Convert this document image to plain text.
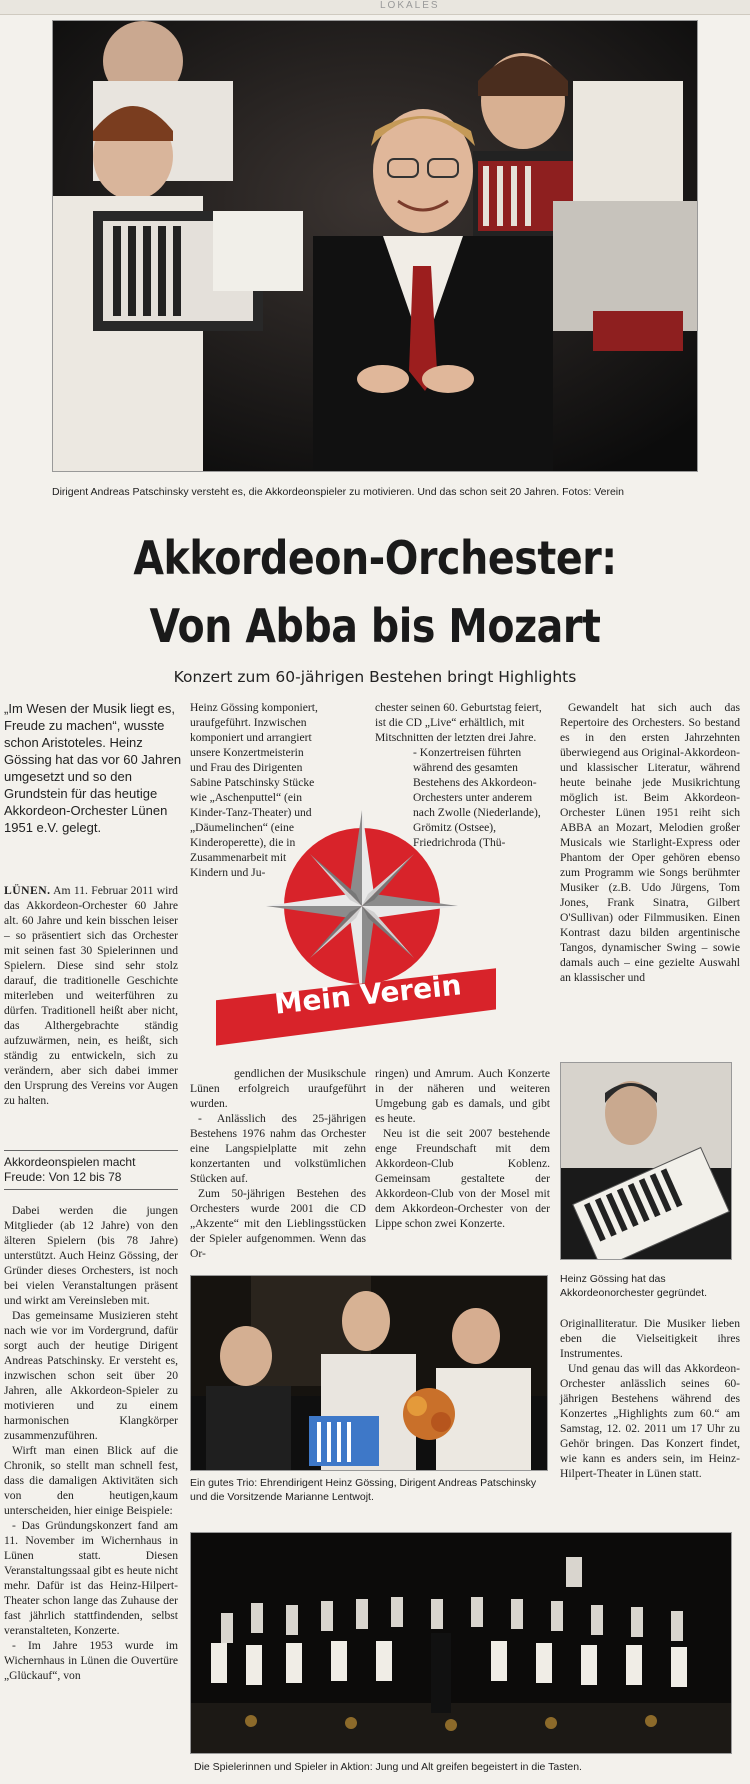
LOKALES
Dirigent Andreas Patschinsky versteht es, die Akkordeonspieler zu motivieren. Und das schon seit 20 Jahren. Fotos: Verein
Akkordeon-Orchester:
Von Abba bis Mozart
Konzert zum 60-jährigen Bestehen bringt Highlights
„Im Wesen der Musik liegt es, Freude zu machen“, wusste schon Aristoteles. Heinz Gössing hat das vor 60 Jahren umgesetzt und so den Grundstein für das heutige Akkordeon-Orchester Lünen 1951 e.V. gelegt.

LÜNEN. Am 11. Februar 2011 wird das Akkordeon-Orchester 60 Jahre alt. 60 Jahre und kein bisschen leiser – so präsentiert sich das Orchester mit seinen fast 30 Spielerinnen und Spielern. Diese sind sehr stolz darauf, die traditionelle Geschichte miterleben und weiterführen zu dürfen. Traditionell heißt aber nicht, das Althergebrachte ständig aufzuwärmen, nein, es heißt, sich ständig zu entwickeln, sich zu verändern, aber sich dabei immer den Ursprung des Vereins vor Augen zu halten.

Akkordeonspielen macht Freude: Von 12 bis 78

Dabei werden die jungen Mitglieder (ab 12 Jahre) von den älteren Spielern (bis 78 Jahre) unterstützt. Auch Heinz Gössing, der Gründer dieses Orchesters, ist noch bei vielen Veranstaltungen präsent und wirkt am Vereinsleben mit.

Das gemeinsame Musizieren steht nach wie vor im Vordergrund, dafür sorgt auch der heutige Dirigent Andreas Patschinsky. Er versteht es, inzwischen schon seit über 20 Jahren, alle Akkordeon-Spieler zu motivieren und zu einem harmonischen Klangkörper zusammenzuführen.

Wirft man einen Blick auf die Chronik, so stellt man schnell fest, dass die damaligen Aktivitäten sich von den heutigen,kaum unterscheiden, hier einige Beispiele:

- Das Gründungskonzert fand am 11. November im Wichernhaus in Lünen statt. Diesen Veranstaltungssaal gibt es heute nicht mehr. Dafür ist das Heinz-Hilpert-Theater schon lange das Zuhause der fast jährlich stattfindenden, selbst veranstalteten, Konzerte.

- Im Jahre 1953 wurde im Wichernhaus in Lünen die Ouvertüre „Glückauf“, von

Heinz Gössing komponiert, uraufgeführt. Inzwischen komponiert und arrangiert unsere Konzertmeisterin und Frau des Dirigenten Sabine Patschinsky Stücke wie „Aschenputtel“ (ein Kinder-Tanz-Theater) und „Däumelinchen“ (eine Kinderoperette), die in Zusammenarbeit mit Kindern und Ju-

chester seinen 60. Geburtstag feiert, ist die CD „Live“ erhältlich, mit Mitschnitten der letzten drei Jahre.

- Konzertreisen führten während des gesamten Bestehens des Akkordeon-Orchesters unter anderem nach Zwolle (Niederlande), Grömitz (Ostsee), Friedrichroda (Thü-

Mein Verein

Gewandelt hat sich auch das Repertoire des Orchesters. So bestand es in den ersten Jahrzehnten überwiegend aus Original-Akkordeon- und klassischer Literatur, während heute beinahe jede Musikrichtung möglich ist. Beim Akkordeon-Orchester Lünen 1951 reiht sich ABBA an Mozart, Melodien großer Musicals wie Starlight-Express oder Phantom der Oper gehören ebenso zum Programm wie Songs berühmter Musiker (z.B. Udo Jürgens, Tom Jones, Frank Sinatra, Gilbert O'Sullivan) oder Filmmusiken. Einen Kontrast dazu bilden argentinische Tangos, dynamischer Swing – sowie damals auch – eine gezielte Auswahl an klassischer und

gendlichen der Musikschule Lünen erfolgreich uraufgeführt wurden.

- Anlässlich des 25-jährigen Bestehens 1976 nahm das Orchester eine Langspielplatte mit zehn konzertanten und volkstümlichen Stücken auf.

Zum 50-jährigen Bestehen des Orchesters wurde 2001 die CD „Akzente“ mit den Lieblingsstücken der Spieler aufgenommen. Wenn das Or-

ringen) und Amrum. Auch Konzerte in der näheren und weiteren Umgebung gab es damals, und gibt es heute.

Neu ist die seit 2007 bestehende enge Freundschaft mit dem Akkordeon-Club Koblenz. Gemeinsam gestaltete der Akkordeon-Club von der Mosel mit dem Akkordeon-Orchester von der Lippe schon zwei Konzerte.

Heinz Gössing hat das Akkordeonorchester gegründet.

Originalliteratur. Die Musiker lieben eben die Vielseitigkeit ihres Instrumentes.

Und genau das will das Akkordeon-Orchester anlässlich seines 60-jährigen Bestehens während des Konzertes „Highlights zum 60.“ am Samstag, 12. 02. 2011 um 17 Uhr zu Gehör bringen. Das Konzert findet, wie kann es anders sein, im Heinz-Hilpert-Theater in Lünen statt.

Ein gutes Trio: Ehrendirigent Heinz Gössing, Dirigent Andreas Patschinsky und die Vorsitzende Marianne Lentwojt.
Die Spielerinnen und Spieler in Aktion: Jung und Alt greifen begeistert in die Tasten.
